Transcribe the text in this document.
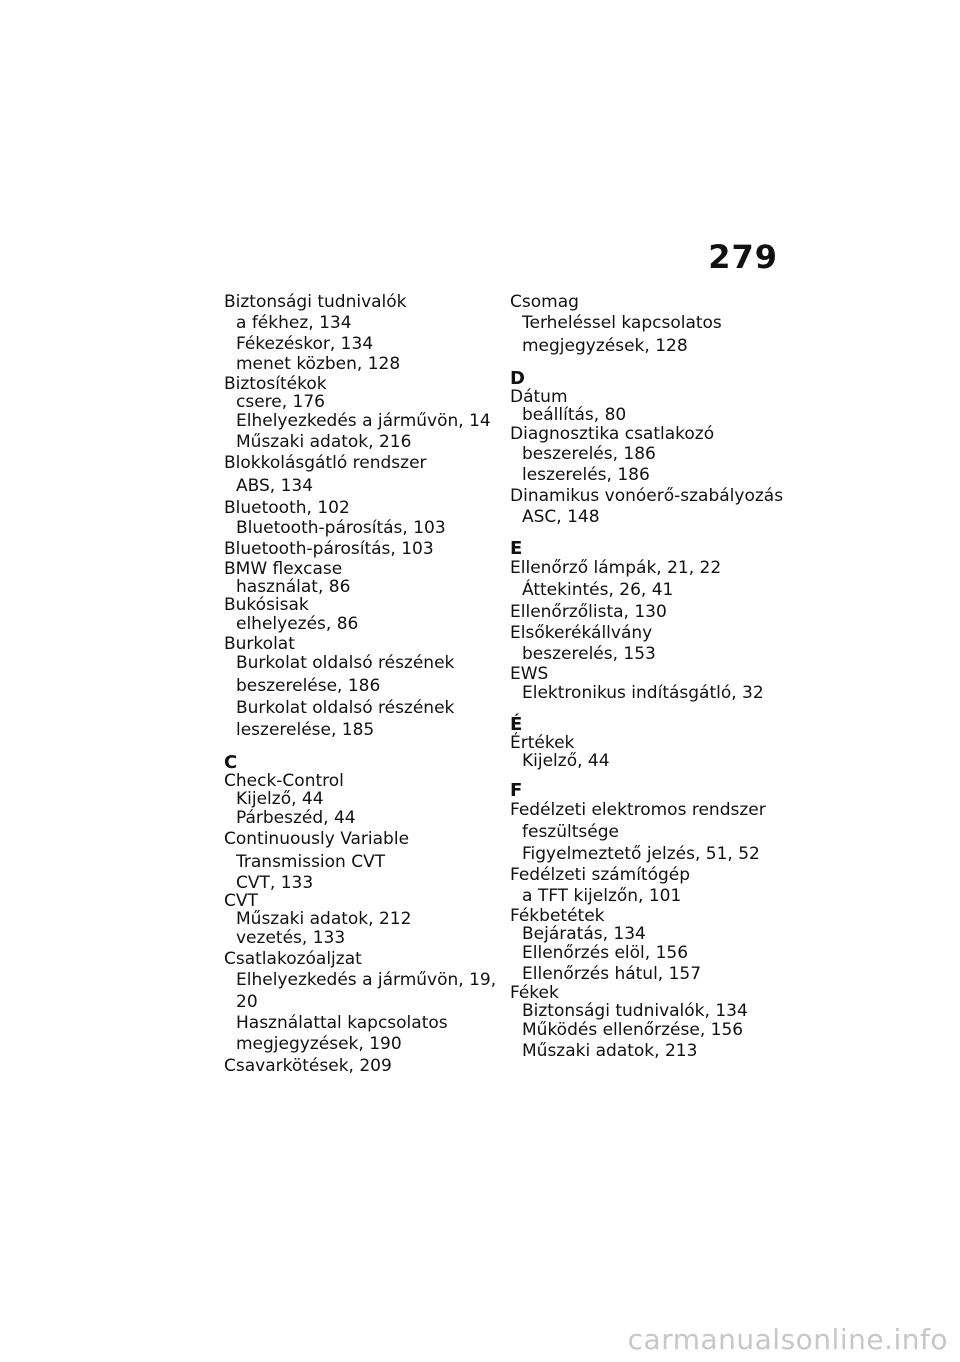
279
Biztonsági tudnivalók
a fékhez, 134
Fékezéskor, 134
menet közben, 128
Biztosítékok
csere, 176
Elhelyezkedés a járművön, 14
Műszaki adatok, 216
Blokkolásgátló rendszer
ABS, 134
Bluetooth, 102
Bluetooth-párosítás, 103
Bluetooth-párosítás, 103
BMW flexcase
használat, 86
Bukósisak
elhelyezés, 86
Burkolat
Burkolat oldalsó részének
beszerelése, 186
Burkolat oldalsó részének
leszerelése, 185
C
Check-Control
Kijelző, 44
Párbeszéd, 44
Continuously Variable
Transmission CVT
CVT, 133
CVT
Műszaki adatok, 212
vezetés, 133
Csatlakozóaljzat
Elhelyezkedés a járművön, 19,
20
Használattal kapcsolatos
megjegyzések, 190
Csavarkötések, 209
Csomag
Terheléssel kapcsolatos
megjegyzések, 128
D
Dátum
beállítás, 80
Diagnosztika csatlakozó
beszerelés, 186
leszerelés, 186
Dinamikus vonóerő-szabályozás
ASC, 148
E
Ellenőrző lámpák, 21, 22
Áttekintés, 26, 41
Ellenőrzőlista, 130
Elsőkerékállvány
beszerelés, 153
EWS
Elektronikus indításgátló, 32
É
Értékek
Kijelző, 44
F
Fedélzeti elektromos rendszer
feszültsége
Figyelmeztető jelzés, 51, 52
Fedélzeti számítógép
a TFT kijelzőn, 101
Fékbetétek
Bejáratás, 134
Ellenőrzés elöl, 156
Ellenőrzés hátul, 157
Fékek
Biztonsági tudnivalók, 134
Működés ellenőrzése, 156
Műszaki adatok, 213
carmanualsonline.info
